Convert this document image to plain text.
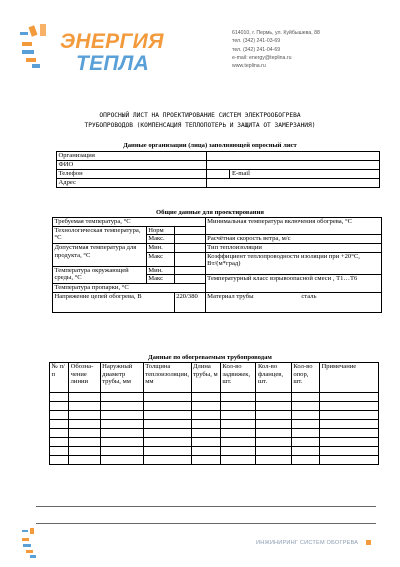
ЭНЕРГИЯ
ТЕПЛА
614010, г. Пермь, ул. Куйбышева, 88
тел. (342) 241-03-69
тел. (342) 241-04-69
e-mail: energy@teplina.ru
www.teplina.ru
ОПРОСНЫЙ ЛИСТ НА ПРОЕКТИРОВАНИЕ СИСТЕМ ЭЛЕКТРООБОГРЕВА
ТРУБОПРОВОДОВ (КОМПЕНСАЦИЯ ТЕПЛОПОТЕРЬ И ЗАЩИТА ОТ ЗАМЕРЗАНИЯ)
Данные организации (лица) заполняющей опросный лист
Организация		
ФИО		
Телефон		E-mail
Адрес		
Общие данные для проектирования
Требуемая температура, °С			Минимальная температура включения обогрева, °С	
Технологическая температура, °С	Норм			
	Макс.		Расчётная скорость ветра, м/с	
Допустимая температура для продукта, °С	Мин.		Тип теплоизоляции	
	Макс		Коэффициент теплопроводности изоляции при +20°С, Вт/(м*град)	
Температура окружающей среды, °С	Мин.			
	Макс		Температурный класс взрывоопасной смеси , Т1…Т6	
Температура пропарки, °С				
Напряжение цепей обогрева, В		220/380	Материал трубы	сталь
Данные по обогреваемым трубопроводам
№ п/п	Обозна-чение линии	Наружный диаметр трубы, мм	Толщина теплоизоляции, мм	Длина трубы, м	Кол-во задвижек, шт.	Кол-во фланцев, шт.	Кол-во опор, шт.	Примечание

ИНЖИНИРИНГ СИСТЕМ ОБОГРЕВА
